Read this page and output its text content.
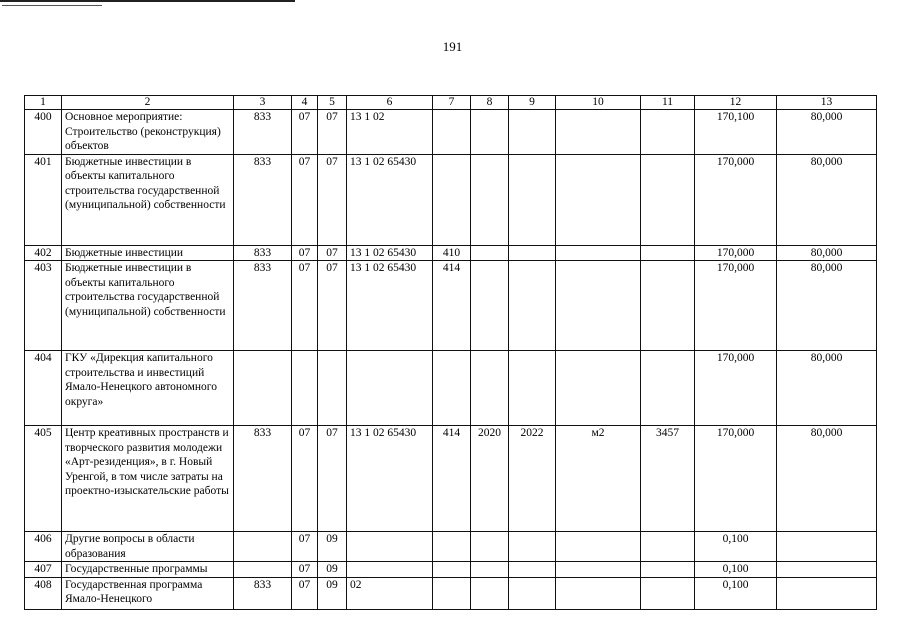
191
1	2	3	4	5	6	7	8	9	10	11	12	13
400	Основное мероприятие: Строительство (реконструкция) объектов	833	07	07	13 1 02						170,100	80,000
401	Бюджетные инвестиции в объекты капитального строительства государственной (муниципальной) собственности	833	07	07	13 1 02 65430						170,000	80,000
402	Бюджетные инвестиции	833	07	07	13 1 02 65430	410					170,000	80,000
403	Бюджетные инвестиции в объекты капитального строительства государственной (муниципальной) собственности	833	07	07	13 1 02 65430	414					170,000	80,000
404	ГКУ «Дирекция капитального строительства и инвестиций Ямало-Ненецкого автономного округа»										170,000	80,000
405	Центр креативных пространств и творческого развития молодежи «Арт-резиденция», в г. Новый Уренгой, в том числе затраты на проектно-изыскательские работы	833	07	07	13 1 02 65430	414	2020	2022	м2	3457	170,000	80,000
406	Другие вопросы в области образования		07	09							0,100	
407	Государственные программы		07	09							0,100	
408	Государственная программа Ямало-Ненецкого	833	07	09	02						0,100	
